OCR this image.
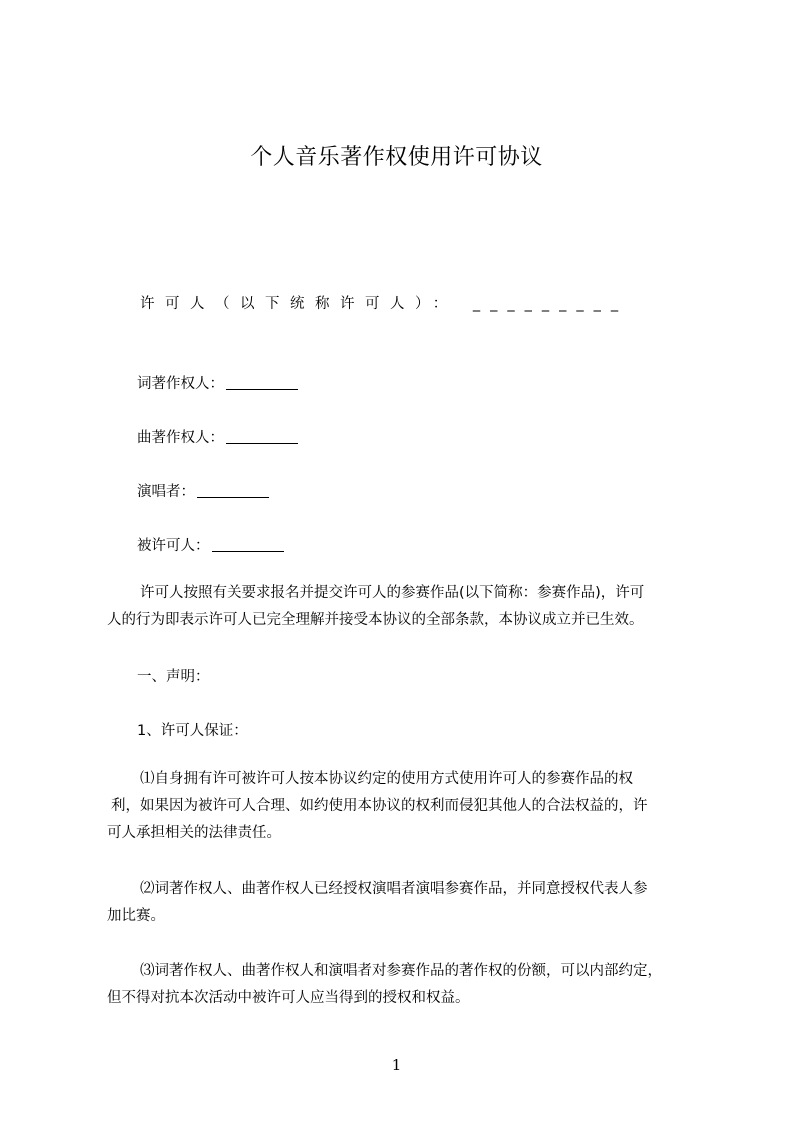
个人音乐著作权使用许可协议
许可人（以下统称许可人）： _________
词著作权人：
曲著作权人：
演唱者：
被许可人：
许可人按照有关要求报名并提交许可人的参赛作品(以下简称：参赛作品)，许可
人的行为即表示许可人已完全理解并接受本协议的全部条款，本协议成立并已生效。
一、声明：
1、许可人保证：
⑴自身拥有许可被许可人按本协议约定的使用方式使用许可人的参赛作品的权
利，如果因为被许可人合理、如约使用本协议的权利而侵犯其他人的合法权益的，许
可人承担相关的法律责任。
⑵词著作权人、曲著作权人已经授权演唱者演唱参赛作品，并同意授权代表人参
加比赛。
⑶词著作权人、曲著作权人和演唱者对参赛作品的著作权的份额，可以内部约定，
但不得对抗本次活动中被许可人应当得到的授权和权益。
1
